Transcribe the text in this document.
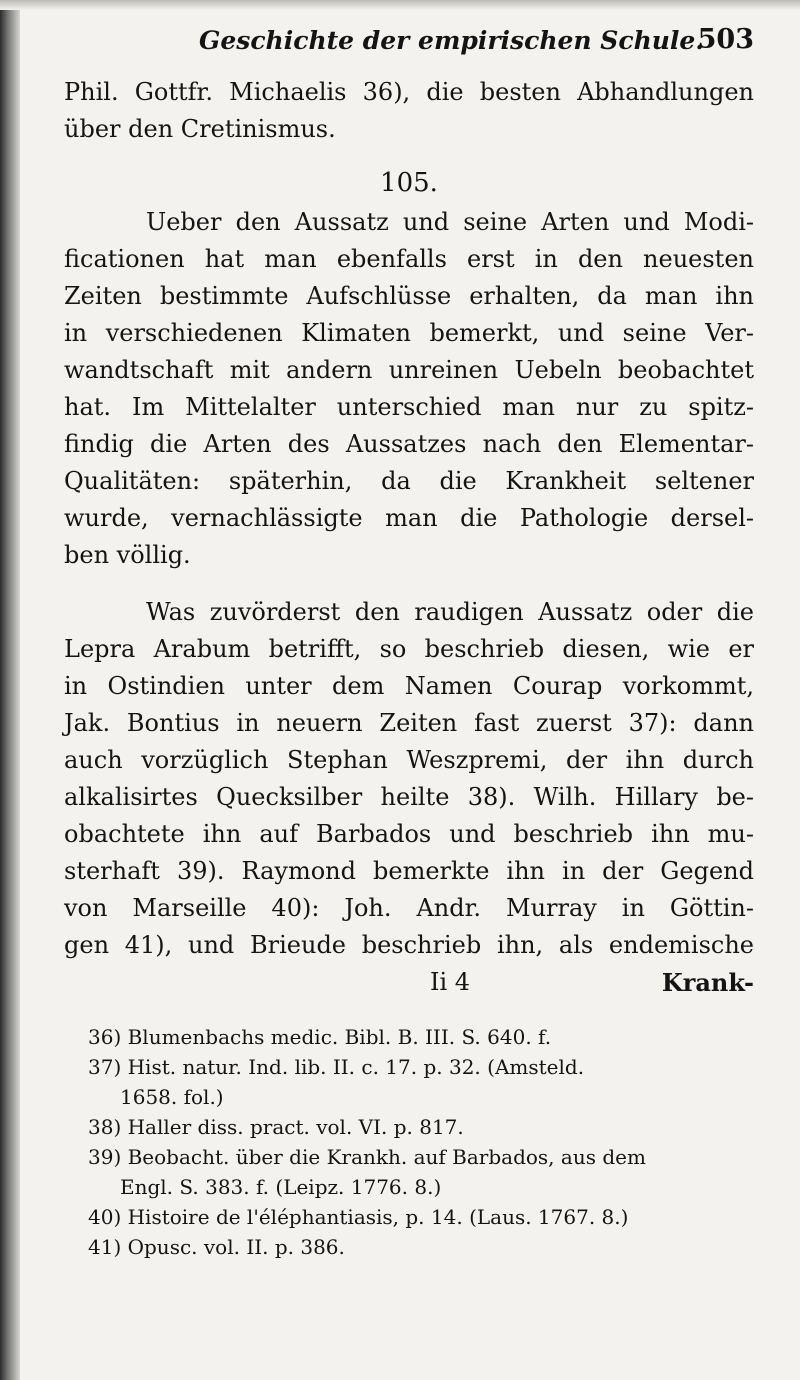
Geschichte der empirischen Schule.
503
Phil. Gottfr. Michaelis 36), die besten Abhandlungen
über den Cretinismus.
105.
Ueber den Aussatz und seine Arten und Modi-
ficationen hat man ebenfalls erst in den neuesten
Zeiten bestimmte Aufschlüsse erhalten, da man ihn
in verschiedenen Klimaten bemerkt, und seine Ver-
wandtschaft mit andern unreinen Uebeln beobachtet
hat. Im Mittelalter unterschied man nur zu spitz-
findig die Arten des Aussatzes nach den Elementar-
Qualitäten: späterhin, da die Krankheit seltener
wurde, vernachlässigte man die Pathologie dersel-
ben völlig.
Was zuvörderst den raudigen Aussatz oder die
Lepra Arabum betrifft, so beschrieb diesen, wie er
in Ostindien unter dem Namen Courap vorkommt,
Jak. Bontius in neuern Zeiten fast zuerst 37): dann
auch vorzüglich Stephan Weszpremi, der ihn durch
alkalisirtes Quecksilber heilte 38). Wilh. Hillary be-
obachtete ihn auf Barbados und beschrieb ihn mu-
sterhaft 39). Raymond bemerkte ihn in der Gegend
von Marseille 40): Joh. Andr. Murray in Göttin-
gen 41), und Brieude beschrieb ihn, als endemische
Ii 4	Krank-
36) Blumenbachs medic. Bibl. B. III. S. 640. f.
37) Hist. natur. Ind. lib. II. c. 17. p. 32. (Amsteld.
1658. fol.)
38) Haller diss. pract. vol. VI. p. 817.
39) Beobacht. über die Krankh. auf Barbados, aus dem
Engl. S. 383. f. (Leipz. 1776. 8.)
40) Histoire de l'éléphantiasis, p. 14. (Laus. 1767. 8.)
41) Opusc. vol. II. p. 386.
